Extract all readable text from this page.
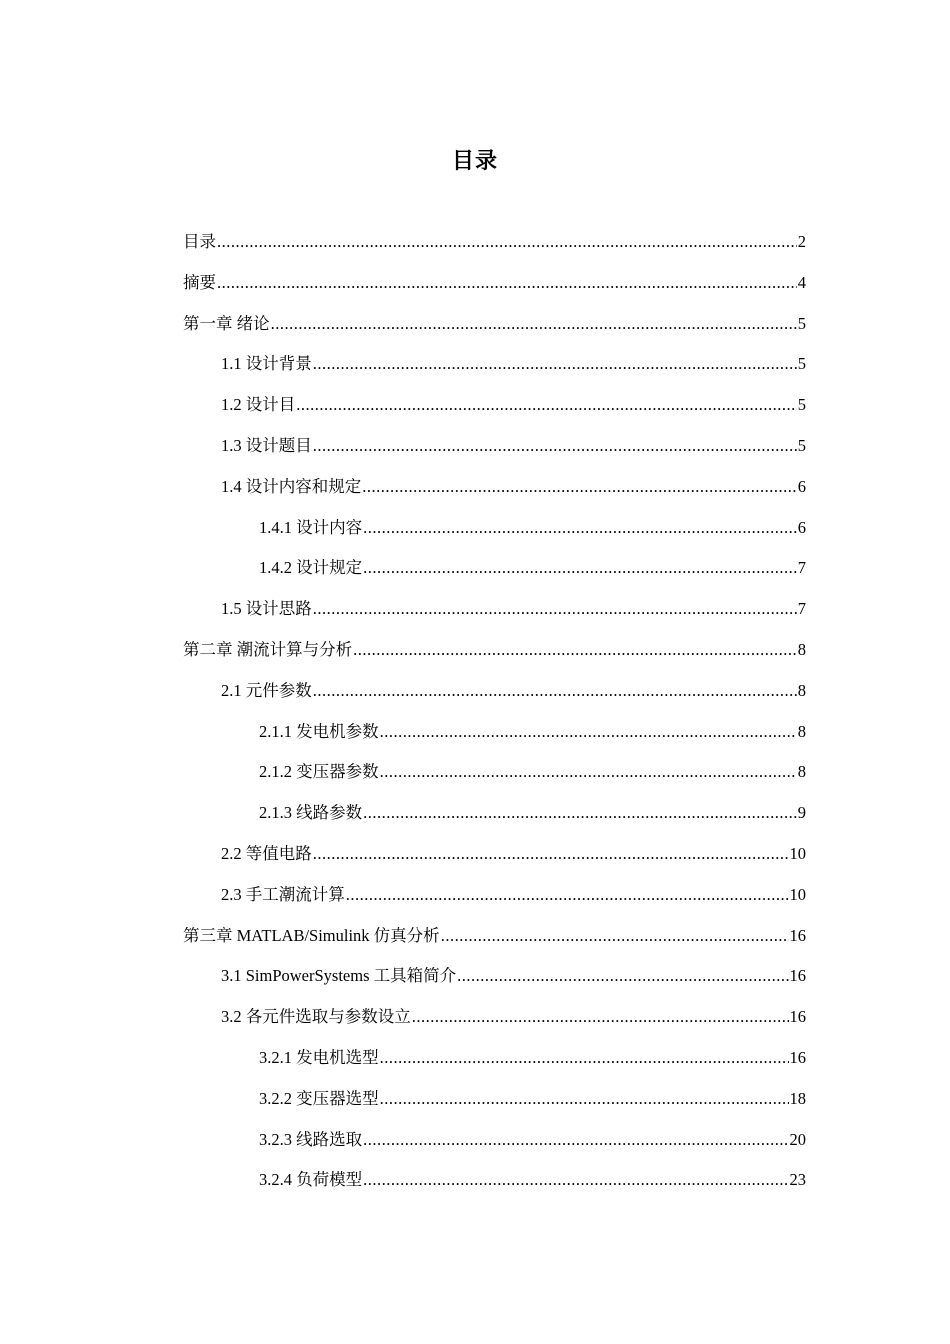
目录
目录 .....	2
摘要 .....	4
第一章 绪论 .....	5
1.1 设计背景 .....	5
1.2 设计目 .....	5
1.3 设计题目 .....	5
1.4 设计内容和规定 .....	6
1.4.1 设计内容 .....	6
1.4.2 设计规定 .....	7
1.5 设计思路 .....	7
第二章 潮流计算与分析 .....	8
2.1 元件参数 .....	8
2.1.1 发电机参数 .....	8
2.1.2 变压器参数 .....	8
2.1.3 线路参数 .....	9
2.2 等值电路 .....	10
2.3 手工潮流计算 .....	10
第三章 MATLAB/Simulink 仿真分析 .....	16
3.1 SimPowerSystems 工具箱简介 .....	16
3.2 各元件选取与参数设立 .....	16
3.2.1 发电机选型 .....	16
3.2.2 变压器选型 .....	18
3.2.3 线路选取 .....	20
3.2.4 负荷模型 .....	23
